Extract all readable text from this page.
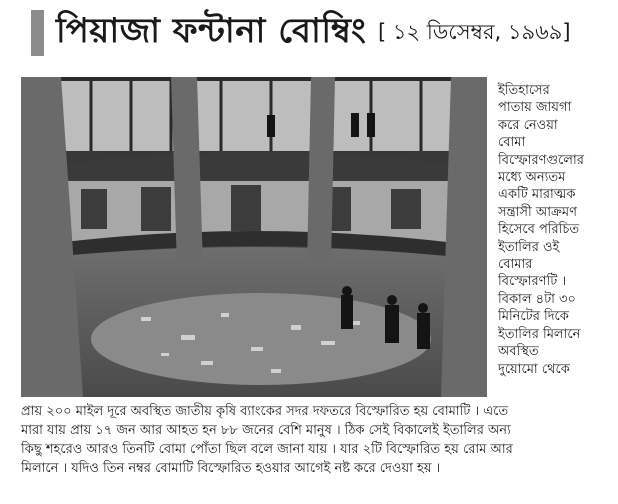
পিয়াজা ফন্টানা বোম্বিং [ ১২ ডিসেম্বর, ১৯৬৯]
ইতিহাসের
পাতায় জায়গা
করে নেওয়া
বোমা
বিস্ফোরণগুলোর
মধ্যে অন্যতম
একটি মারাত্মক
সন্ত্রাসী আক্রমণ
হিসেবে পরিচিত
ইতালির ওই
বোমার
বিস্ফোরণটি ।
বিকাল ৪টা ৩০
মিনিটের দিকে
ইতালির মিলানে
অবস্থিত
দুয়োমো থেকে
প্রায় ২০০ মাইল দূরে অবস্থিত জাতীয় কৃষি ব্যাংকের সদর দফতরে বিস্ফোরিত হয় বোমাটি । এতে
মারা যায় প্রায় ১৭ জন আর আহত হন ৮৮ জনের বেশি মানুষ । ঠিক সেই বিকালেই ইতালির অন্য
কিছু শহরেও আরও তিনটি বোমা পোঁতা ছিল বলে জানা যায় । যার ২টি বিস্ফোরিত হয় রোম আর
মিলানে । যদিও তিন নম্বর বোমাটি বিস্ফোরিত হওয়ার আগেই নষ্ট করে দেওয়া হয় ।
